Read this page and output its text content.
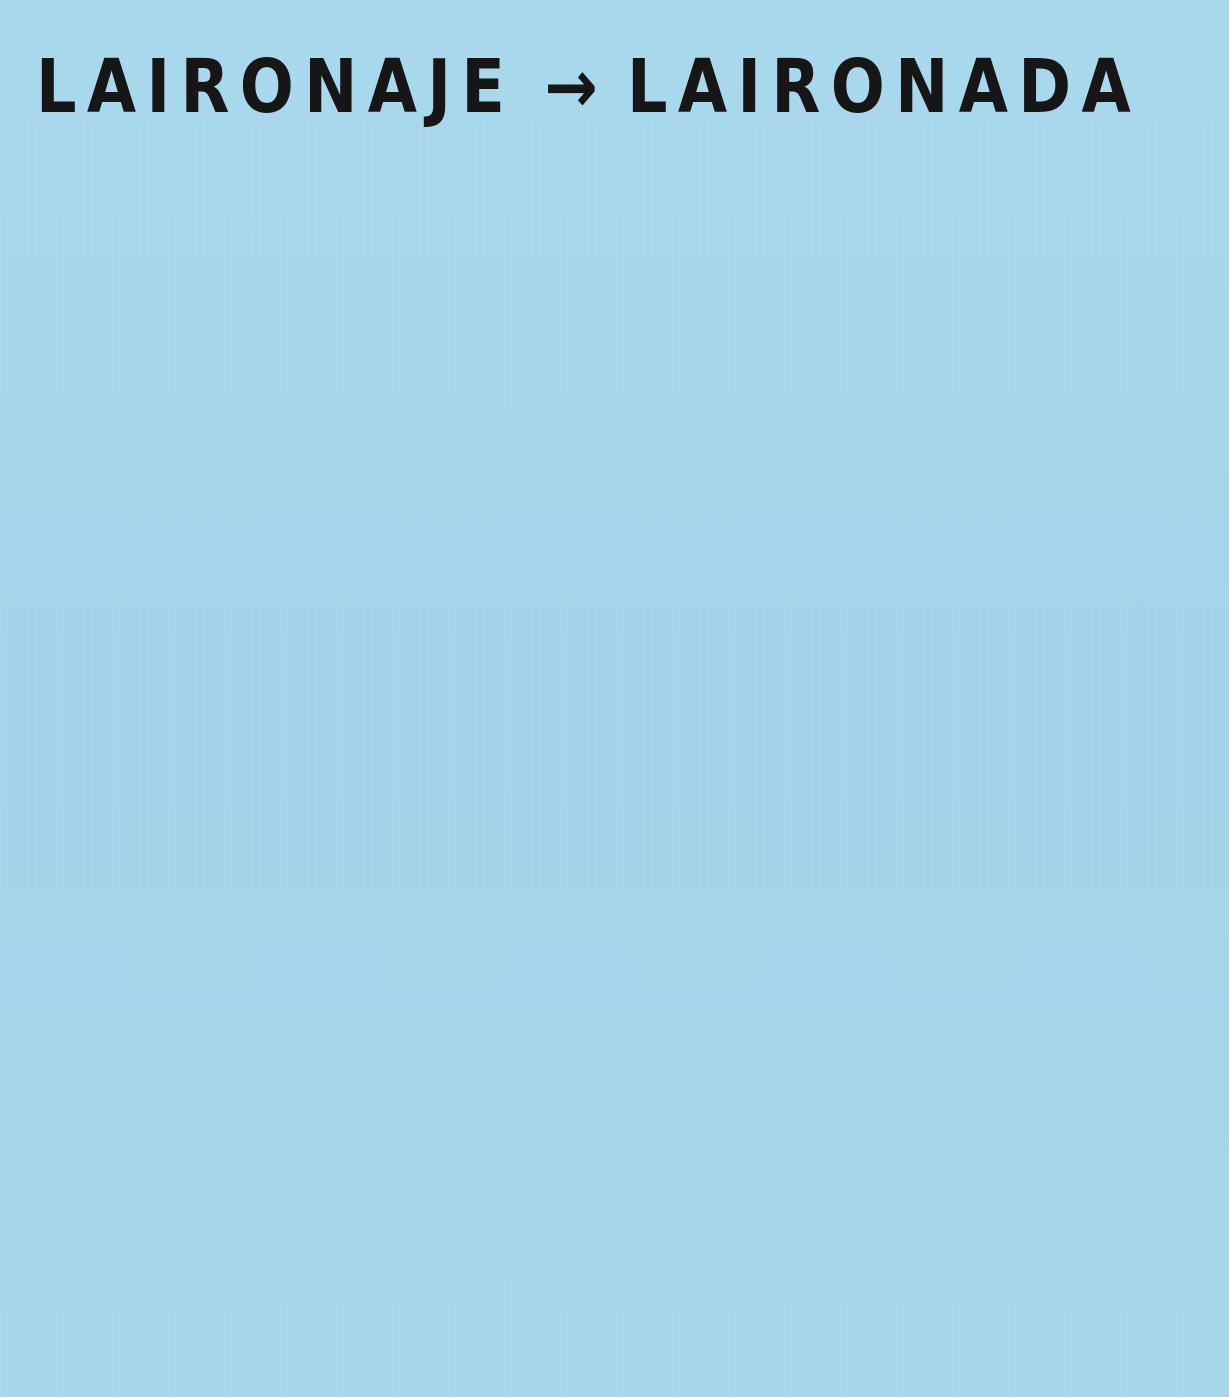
LAIRONAJE → LAIRONADA
